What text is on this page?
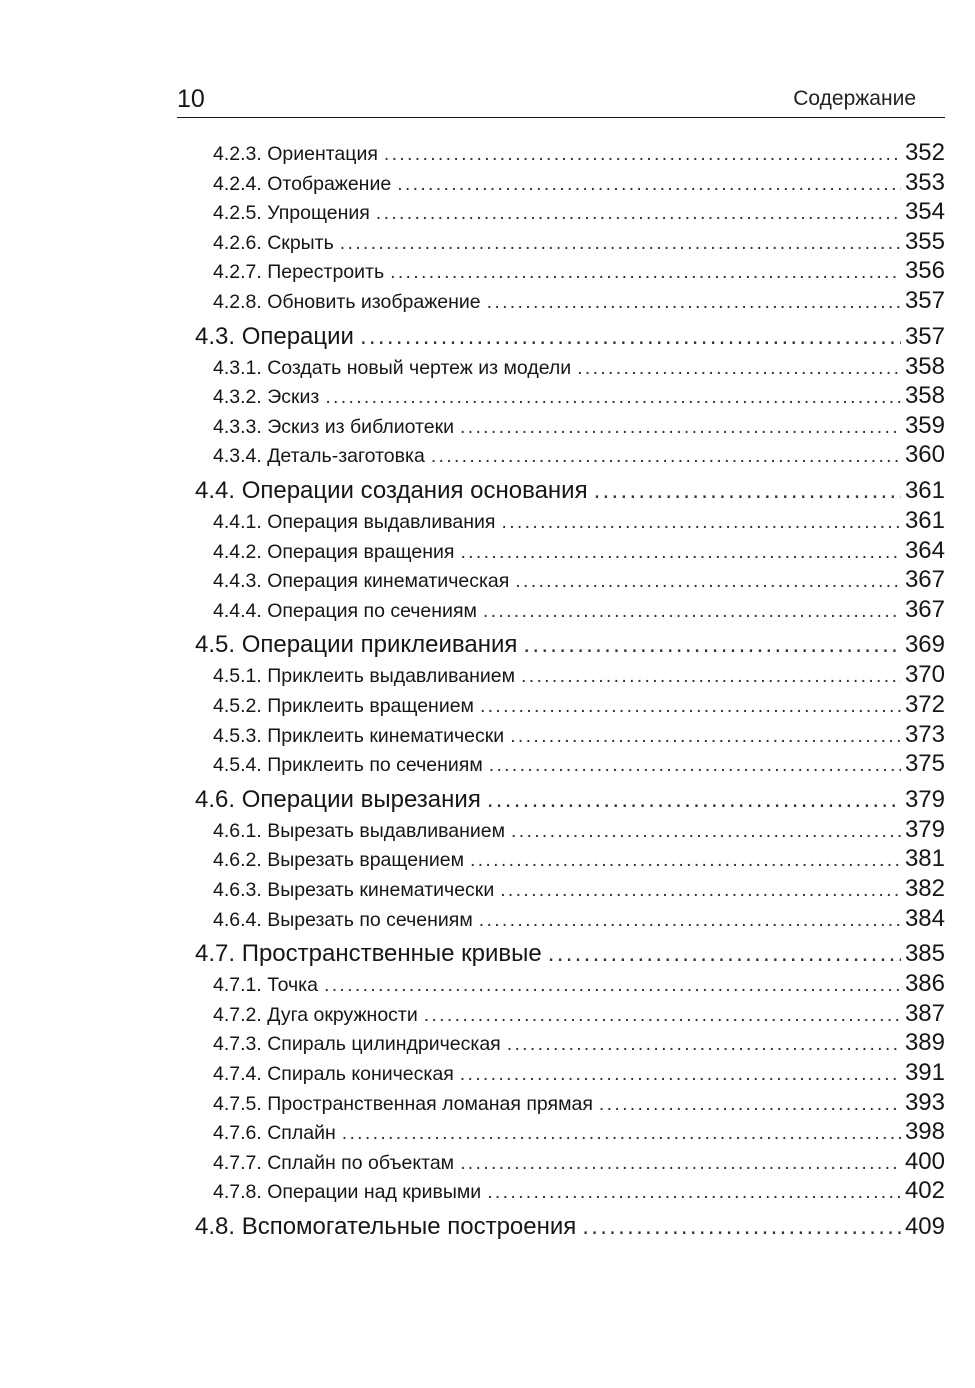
10	Содержание
4.2.3. Ориентация .....	352
4.2.4. Отображение .....	353
4.2.5. Упрощения .....	354
4.2.6. Скрыть .....	355
4.2.7. Перестроить .....	356
4.2.8. Обновить изображение .....	357
4.3. Операции .....	357
4.3.1. Создать новый чертеж из модели .....	358
4.3.2. Эскиз .....	358
4.3.3. Эскиз из библиотеки .....	359
4.3.4. Деталь-заготовка .....	360
4.4. Операции создания основания .....	361
4.4.1. Операция выдавливания .....	361
4.4.2. Операция вращения .....	364
4.4.3. Операция кинематическая .....	367
4.4.4. Операция по сечениям .....	367
4.5. Операции приклеивания .....	369
4.5.1. Приклеить выдавливанием .....	370
4.5.2. Приклеить вращением .....	372
4.5.3. Приклеить кинематически .....	373
4.5.4. Приклеить по сечениям .....	375
4.6. Операции вырезания .....	379
4.6.1. Вырезать выдавливанием .....	379
4.6.2. Вырезать вращением .....	381
4.6.3. Вырезать кинематически .....	382
4.6.4. Вырезать по сечениям .....	384
4.7. Пространственные кривые .....	385
4.7.1. Точка .....	386
4.7.2. Дуга окружности .....	387
4.7.3. Спираль цилиндрическая .....	389
4.7.4. Спираль коническая .....	391
4.7.5. Пространственная ломаная прямая .....	393
4.7.6. Сплайн .....	398
4.7.7. Сплайн по объектам .....	400
4.7.8. Операции над кривыми .....	402
4.8. Вспомогательные построения .....	409
